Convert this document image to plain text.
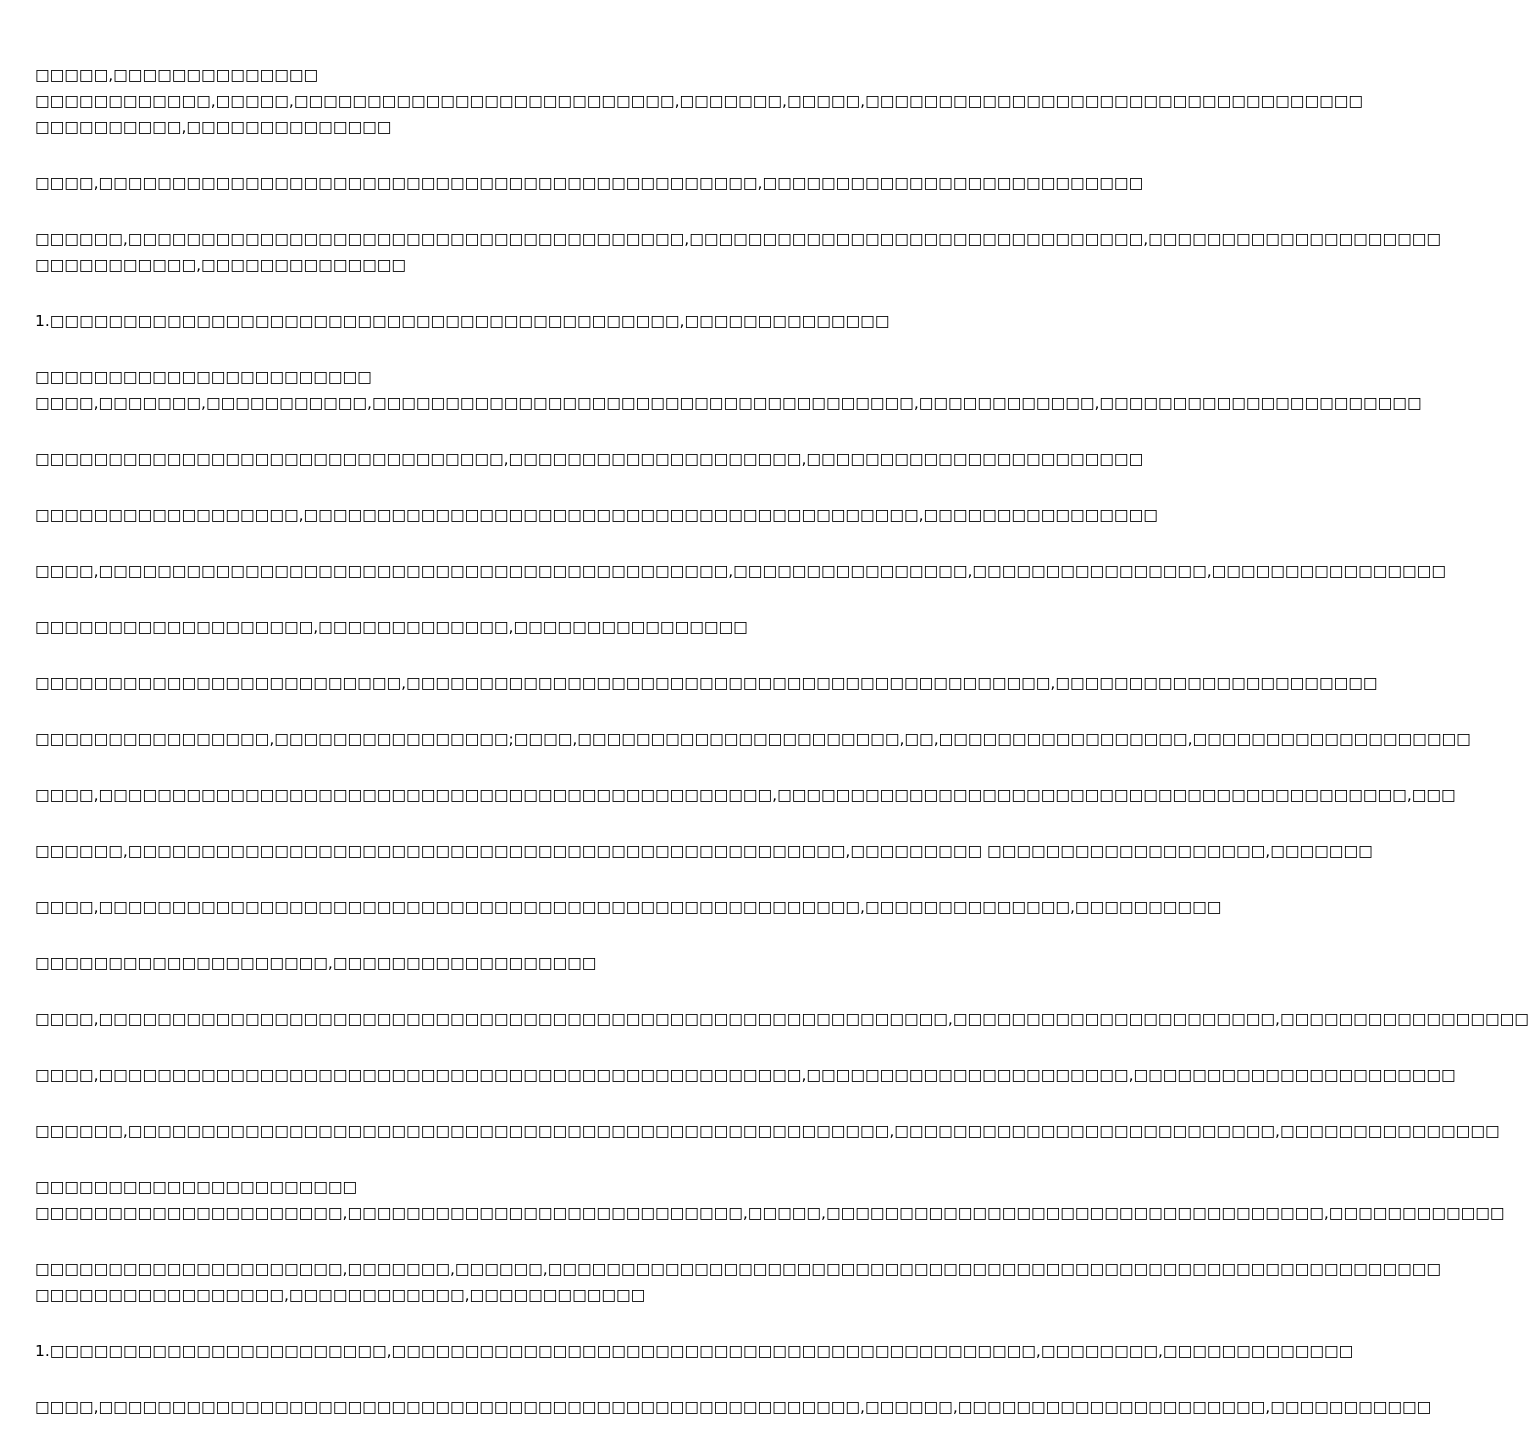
□□□□□,□□□□□□□□□□□□□□
□□□□□□□□□□□□,□□□□□,□□□□□□□□□□□□□□□□□□□□□□□□□□,□□□□□□□,□□□□□,□□□□□□□□□□□□□□□□□□□□□□□□□□□□□□□□□□
□□□□□□□□□□,□□□□□□□□□□□□□□
□□□□,□□□□□□□□□□□□□□□□□□□□□□□□□□□□□□□□□□□□□□□□□□□□□,□□□□□□□□□□□□□□□□□□□□□□□□□□
□□□□□□,□□□□□□□□□□□□□□□□□□□□□□□□□□□□□□□□□□□□□□,□□□□□□□□□□□□□□□□□□□□□□□□□□□□□□□,□□□□□□□□□□□□□□□□□□□□
□□□□□□□□□□□,□□□□□□□□□□□□□□
1.□□□□□□□□□□□□□□□□□□□□□□□□□□□□□□□□□□□□□□□□□□□,□□□□□□□□□□□□□□
□□□□□□□□□□□□□□□□□□□□□□□
□□□□,□□□□□□□,□□□□□□□□□□□,□□□□□□□□□□□□□□□□□□□□□□□□□□□□□□□□□□□□□,□□□□□□□□□□□□,□□□□□□□□□□□□□□□□□□□□□□
□□□□□□□□□□□□□□□□□□□□□□□□□□□□□□□□,□□□□□□□□□□□□□□□□□□□□,□□□□□□□□□□□□□□□□□□□□□□□
□□□□□□□□□□□□□□□□□□,□□□□□□□□□□□□□□□□□□□□□□□□□□□□□□□□□□□□□□□□□□,□□□□□□□□□□□□□□□□
□□□□,□□□□□□□□□□□□□□□□□□□□□□□□□□□□□□□□□□□□□□□□□□□,□□□□□□□□□□□□□□□□,□□□□□□□□□□□□□□□□,□□□□□□□□□□□□□□□□
□□□□□□□□□□□□□□□□□□□,□□□□□□□□□□□□□,□□□□□□□□□□□□□□□□
□□□□□□□□□□□□□□□□□□□□□□□□□,□□□□□□□□□□□□□□□□□□□□□□□□□□□□□□□□□□□□□□□□□□□□,□□□□□□□□□□□□□□□□□□□□□□
□□□□□□□□□□□□□□□□,□□□□□□□□□□□□□□□□;□□□□,□□□□□□□□□□□□□□□□□□□□□□,□□,□□□□□□□□□□□□□□□□□,□□□□□□□□□□□□□□□□□□□
□□□□,□□□□□□□□□□□□□□□□□□□□□□□□□□□□□□□□□□□□□□□□□□□□□□,□□□□□□□□□□□□□□□□□□□□□□□□□□□□□□□□□□□□□□□□□□□,□□□
□□□□□□,□□□□□□□□□□□□□□□□□□□□□□□□□□□□□□□□□□□□□□□□□□□□□□□□□,□□□□□□□□□ □□□□□□□□□□□□□□□□□□□,□□□□□□□
□□□□,□□□□□□□□□□□□□□□□□□□□□□□□□□□□□□□□□□□□□□□□□□□□□□□□□□□□,□□□□□□□□□□□□□□,□□□□□□□□□□
□□□□□□□□□□□□□□□□□□□□,□□□□□□□□□□□□□□□□□□
□□□□,□□□□□□□□□□□□□□□□□□□□□□□□□□□□□□□□□□□□□□□□□□□□□□□□□□□□□□□□□□,□□□□□□□□□□□□□□□□□□□□□□,□□□□□□□□□□□□□□□□□
□□□□,□□□□□□□□□□□□□□□□□□□□□□□□□□□□□□□□□□□□□□□□□□□□□□□□,□□□□□□□□□□□□□□□□□□□□□□,□□□□□□□□□□□□□□□□□□□□□□
□□□□□□,□□□□□□□□□□□□□□□□□□□□□□□□□□□□□□□□□□□□□□□□□□□□□□□□□□□□,□□□□□□□□□□□□□□□□□□□□□□□□□□,□□□□□□□□□□□□□□□
□□□□□□□□□□□□□□□□□□□□□□
□□□□□□□□□□□□□□□□□□□□□,□□□□□□□□□□□□□□□□□□□□□□□□□□□,□□□□□,□□□□□□□□□□□□□□□□□□□□□□□□□□□□□□□□□□,□□□□□□□□□□□□
□□□□□□□□□□□□□□□□□□□□□,□□□□□□□,□□□□□□,□□□□□□□□□□□□□□□□□□□□□□□□□□□□□□□□□□□□□□□□□□□□□□□□□□□□□□□□□□□□□
□□□□□□□□□□□□□□□□□,□□□□□□□□□□□□,□□□□□□□□□□□□
1.□□□□□□□□□□□□□□□□□□□□□□□,□□□□□□□□□□□□□□□□□□□□□□□□□□□□□□□□□□□□□□□□□□□□,□□□□□□□□,□□□□□□□□□□□□□
□□□□,□□□□□□□□□□□□□□□□□□□□□□□□□□□□□□□□□□□□□□□□□□□□□□□□□□□□,□□□□□□,□□□□□□□□□□□□□□□□□□□□□,□□□□□□□□□□□
